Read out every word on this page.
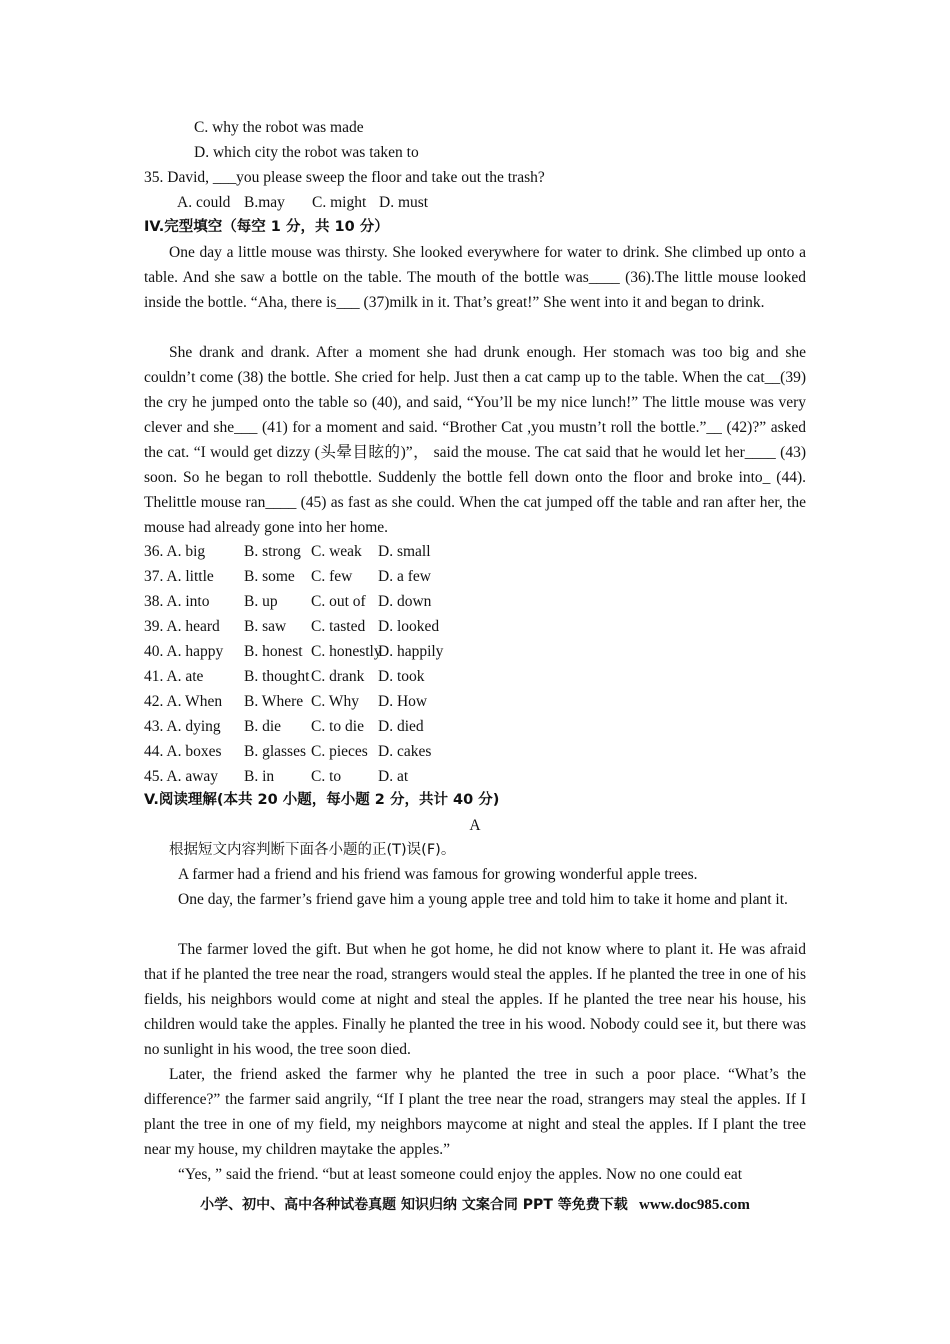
C. why the robot was made
D. which city the robot was taken to
35. David, ___you please sweep the floor and take out the trash?
A. could B.may C. might D. must
IV.完型填空（每空 1 分，共 10 分）
One day a little mouse was thirsty. She looked everywhere for water to drink. She climbed up onto a table. And she saw a bottle on the table. The mouth of the bottle was____ (36).The little mouse looked inside the bottle. “Aha, there is___ (37)milk in it. That’s great!” She went into it and began to drink.
She drank and drank. After a moment she had drunk enough. Her stomach was too big and she couldn’t come (38) the bottle. She cried for help. Just then a cat camp up to the table. When the cat__(39) the cry he jumped onto the table so (40), and said, “You’ll be my nice lunch!” The little mouse was very clever and she___ (41) for a moment and said. “Brother Cat ,you mustn’t roll the bottle.”__ (42)?” asked the cat. “I would get dizzy (头晕目眩的)”， said the mouse. The cat said that he would let her____ (43) soon. So he began to roll thebottle. Suddenly the bottle fell down onto the floor and broke into_ (44). Thelittle mouse ran____ (45) as fast as she could. When the cat jumped off the table and ran after her, the mouse had already gone into her home.
36. A. big	B. strong C. weak D. small
37. A. little B. some C. few D. a few
38. A. into B. up C. out of D. down
39. A. heard B. saw C. tasted D. looked
40. A. happy B. honest C. honestly
D. happily
41. A. ate	B. thought C. drank D. took
42. A. When B. Where C. Why D. How
43. A. dying B. die C. to die D. died
44. A. boxes B. glasses C. pieces D. cakes
45. A. away B. in C. to D. at
V.阅读理解(本共 20 小题，每小题 2 分，共计 40 分)
A
根据短文内容判断下面各小题的正(T)误(F)。
A farmer had a friend and his friend was famous for growing wonderful apple trees.
One day, the farmer’s friend gave him a young apple tree and told him to take it home and plant it.
The farmer loved the gift. But when he got home, he did not know where to plant it. He was afraid that if he planted the tree near the road, strangers would steal the apples. If he planted the tree in one of his fields, his neighbors would come at night and steal the apples. If he planted the tree near his house, his children would take the apples. Finally he planted the tree in his wood. Nobody could see it, but there was no sunlight in his wood, the tree soon died.
Later, the friend asked the farmer why he planted the tree in such a poor place. “What’s the difference?” the farmer said angrily, “If I plant the tree near the road, strangers may steal the apples. If I plant the tree in one of my field, my neighbors maycome at night and steal the apples. If I plant the tree near my house, my children maytake the apples.”
“Yes, ” said the friend. “but at least someone could enjoy the apples. Now no one could eat
小学、初中、高中各种试卷真题 知识归纳 文案合同 PPT 等免费下载 www.doc985.com
